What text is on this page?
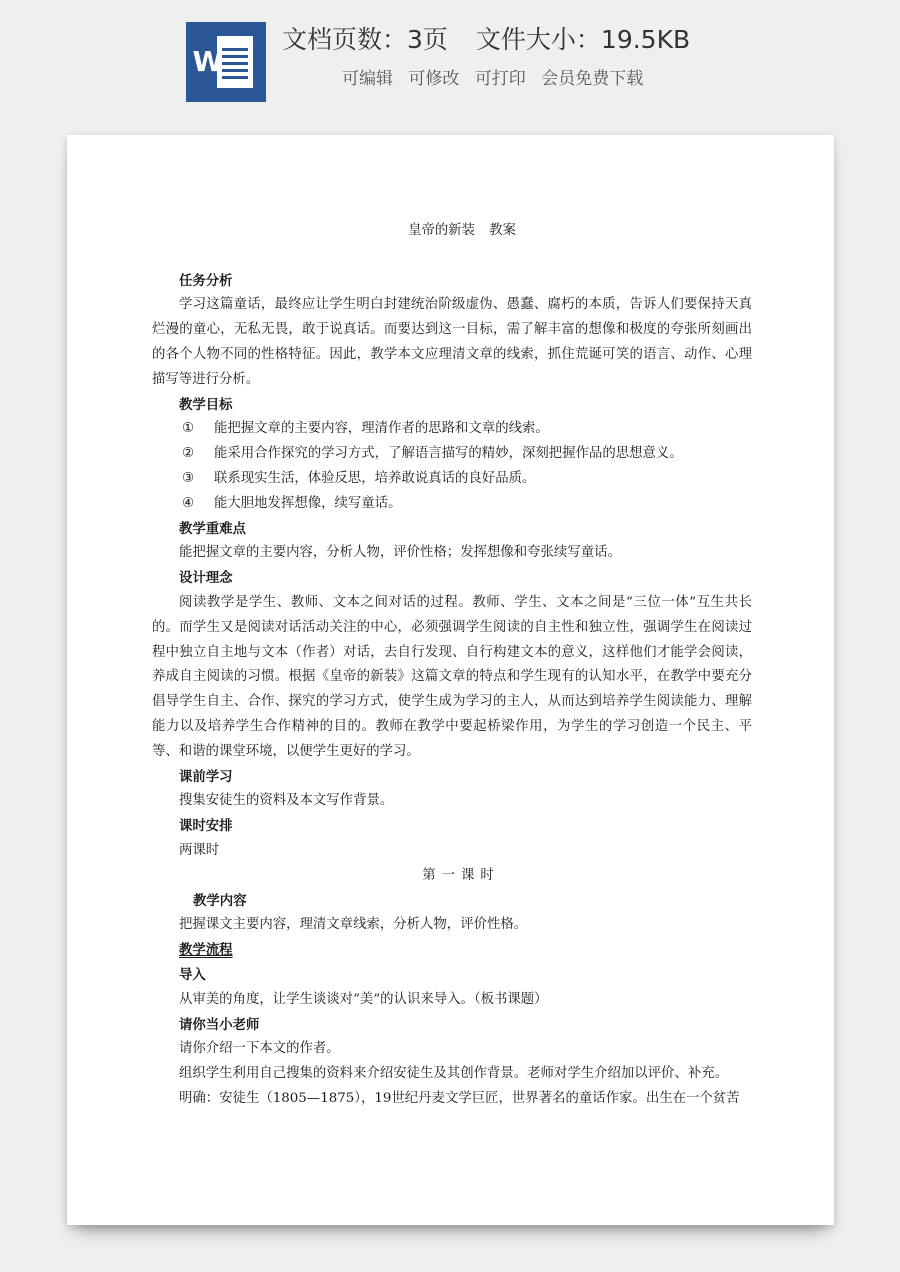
W
文档页数：3页 文件大小：19.5KB
可编辑 可修改 可打印 会员免费下载

皇帝的新装 教案

任务分析

学习这篇童话，最终应让学生明白封建统治阶级虚伪、愚蠢、腐朽的本质，告诉人们要保持天真烂漫的童心，无私无畏，敢于说真话。而要达到这一目标，需了解丰富的想像和极度的夸张所刻画出的各个人物不同的性格特征。因此，教学本文应理清文章的线索，抓住荒诞可笑的语言、动作、心理描写等进行分析。

教学目标

① 能把握文章的主要内容，理清作者的思路和文章的线索。

② 能采用合作探究的学习方式，了解语言描写的精妙，深刻把握作品的思想意义。

③ 联系现实生活，体验反思，培养敢说真话的良好品质。

④ 能大胆地发挥想像，续写童话。

教学重难点

能把握文章的主要内容，分析人物，评价性格；发挥想像和夸张续写童话。

设计理念

阅读教学是学生、教师、文本之间对话的过程。教师、学生、文本之间是“三位一体”互生共长的。而学生又是阅读对话活动关注的中心，必须强调学生阅读的自主性和独立性，强调学生在阅读过程中独立自主地与文本（作者）对话，去自行发现、自行构建文本的意义，这样他们才能学会阅读，养成自主阅读的习惯。根据《皇帝的新装》这篇文章的特点和学生现有的认知水平，在教学中要充分倡导学生自主、合作、探究的学习方式，使学生成为学习的主人，从而达到培养学生阅读能力、理解能力以及培养学生合作精神的目的。教师在教学中要起桥梁作用，为学生的学习创造一个民主、平等、和谐的课堂环境，以便学生更好的学习。

课前学习

搜集安徒生的资料及本文写作背景。

课时安排

两课时

第一课时

教学内容

把握课文主要内容，理清文章线索，分析人物，评价性格。

教学流程

导入

从审美的角度，让学生谈谈对“美”的认识来导入。（板书课题）

请你当小老师

请你介绍一下本文的作者。

组织学生利用自己搜集的资料来介绍安徒生及其创作背景。老师对学生介绍加以评价、补充。

明确：安徒生（1805—1875），19世纪丹麦文学巨匠，世界著名的童话作家。出生在一个贫苦
